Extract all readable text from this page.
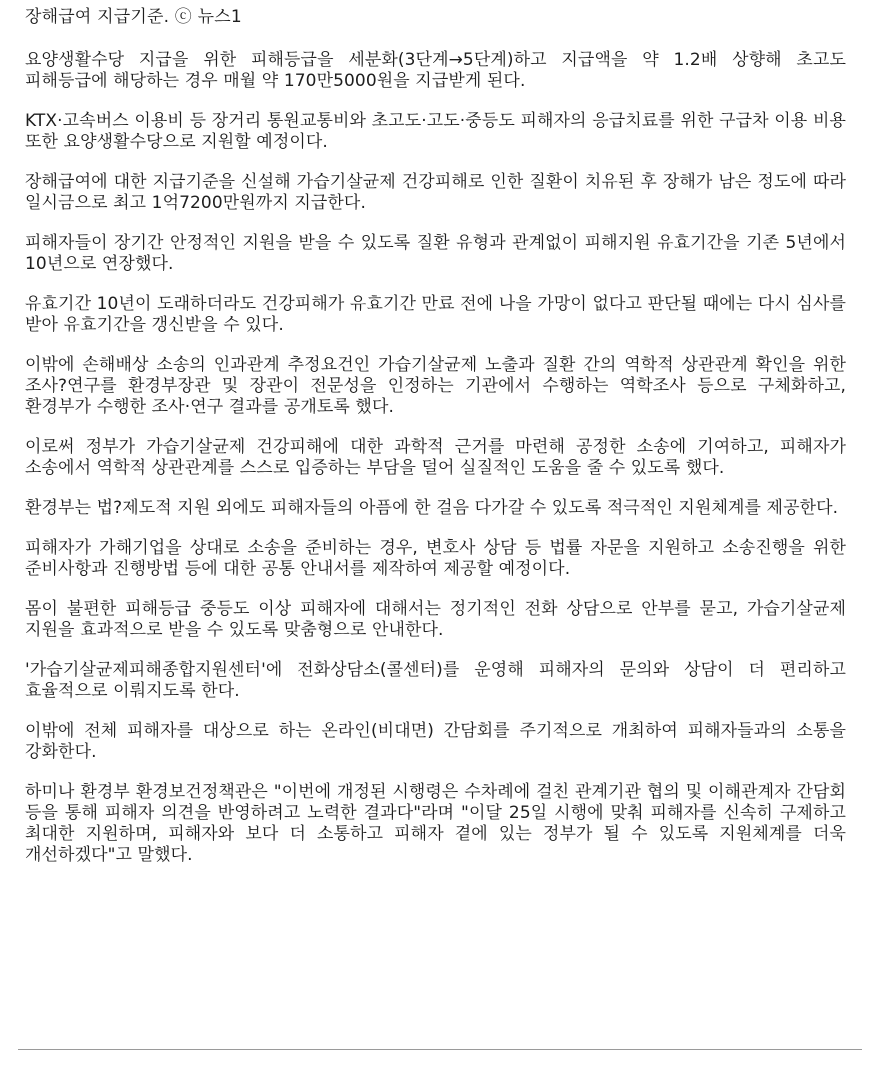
장해급여 지급기준. ⓒ 뉴스1

요양생활수당 지급을 위한 피해등급을 세분화(3단계→5단계)하고 지급액을 약 1.2배 상향해 초고도 피해등급에 해당하는 경우 매월 약 170만5000원을 지급받게 된다.

KTX·고속버스 이용비 등 장거리 통원교통비와 초고도·고도·중등도 피해자의 응급치료를 위한 구급차 이용 비용 또한 요양생활수당으로 지원할 예정이다.

장해급여에 대한 지급기준을 신설해 가습기살균제 건강피해로 인한 질환이 치유된 후 장해가 남은 정도에 따라 일시금으로 최고 1억7200만원까지 지급한다.

피해자들이 장기간 안정적인 지원을 받을 수 있도록 질환 유형과 관계없이 피해지원 유효기간을 기존 5년에서 10년으로 연장했다.

유효기간 10년이 도래하더라도 건강피해가 유효기간 만료 전에 나을 가망이 없다고 판단될 때에는 다시 심사를 받아 유효기간을 갱신받을 수 있다.

이밖에 손해배상 소송의 인과관계 추정요건인 가습기살균제 노출과 질환 간의 역학적 상관관계 확인을 위한 조사?연구를 환경부장관 및 장관이 전문성을 인정하는 기관에서 수행하는 역학조사 등으로 구체화하고, 환경부가 수행한 조사·연구 결과를 공개토록 했다.

이로써 정부가 가습기살균제 건강피해에 대한 과학적 근거를 마련해 공정한 소송에 기여하고, 피해자가 소송에서 역학적 상관관계를 스스로 입증하는 부담을 덜어 실질적인 도움을 줄 수 있도록 했다.

환경부는 법?제도적 지원 외에도 피해자들의 아픔에 한 걸음 다가갈 수 있도록 적극적인 지원체계를 제공한다.

피해자가 가해기업을 상대로 소송을 준비하는 경우, 변호사 상담 등 법률 자문을 지원하고 소송진행을 위한 준비사항과 진행방법 등에 대한 공통 안내서를 제작하여 제공할 예정이다.

몸이 불편한 피해등급 중등도 이상 피해자에 대해서는 정기적인 전화 상담으로 안부를 묻고, 가습기살균제 지원을 효과적으로 받을 수 있도록 맞춤형으로 안내한다.

'가습기살균제피해종합지원센터'에 전화상담소(콜센터)를 운영해 피해자의 문의와 상담이 더 편리하고 효율적으로 이뤄지도록 한다.

이밖에 전체 피해자를 대상으로 하는 온라인(비대면) 간담회를 주기적으로 개최하여 피해자들과의 소통을 강화한다.

하미나 환경부 환경보건정책관은 "이번에 개정된 시행령은 수차례에 걸친 관계기관 협의 및 이해관계자 간담회 등을 통해 피해자 의견을 반영하려고 노력한 결과다"라며 "이달 25일 시행에 맞춰 피해자를 신속히 구제하고 최대한 지원하며, 피해자와 보다 더 소통하고 피해자 곁에 있는 정부가 될 수 있도록 지원체계를 더욱 개선하겠다"고 말했다.
